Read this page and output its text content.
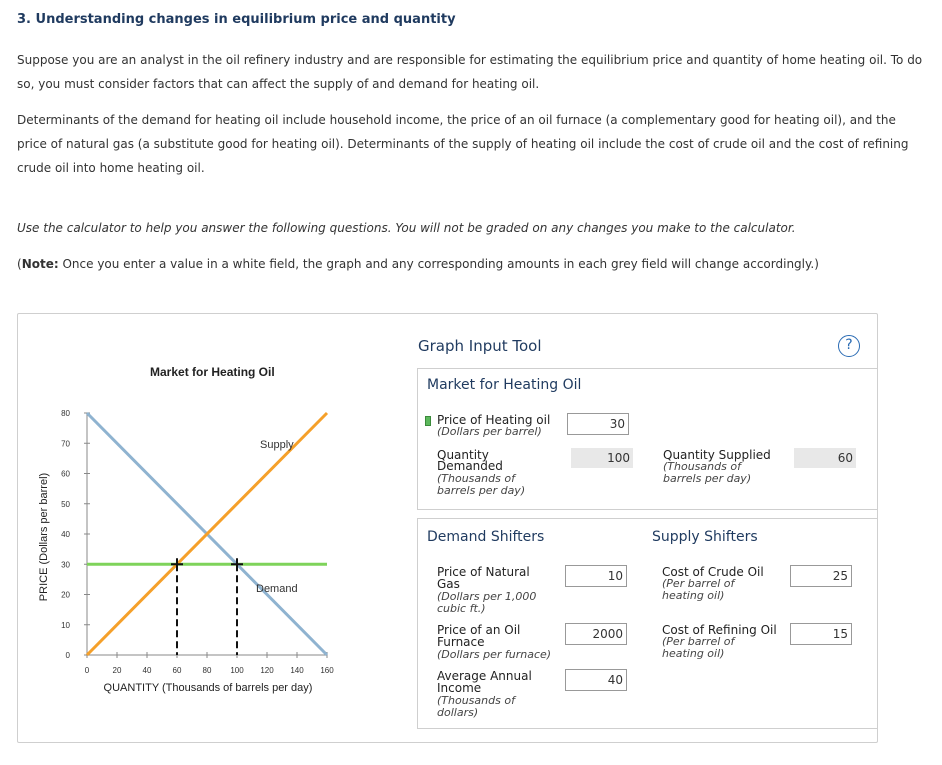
3. Understanding changes in equilibrium price and quantity
Suppose you are an analyst in the oil refinery industry and are responsible for estimating the equilibrium price and quantity of home heating oil. To do
so, you must consider factors that can affect the supply of and demand for heating oil.
Determinants of the demand for heating oil include household income, the price of an oil furnace (a complementary good for heating oil), and the
price of natural gas (a substitute good for heating oil). Determinants of the supply of heating oil include the cost of crude oil and the cost of refining
crude oil into home heating oil.
Use the calculator to help you answer the following questions. You will not be graded on any changes you make to the calculator.
(Note: Once you enter a value in a white field, the graph and any corresponding amounts in each grey field will change accordingly.)
Market for Heating Oil
PRICE (Dollars per barrel)
QUANTITY (Thousands of barrels per day)
0
10
20
30
40
50
60
70
80
0	20	40	60	80 100 120 140 160
Supply
Demand
Graph Input Tool	?
Market for Heating Oil
Price of Heating oil
(Dollars per barrel)
30
Quantity
Demanded
(Thousands of
barrels per day)
100	Quantity Supplied
(Thousands of
barrels per day)
60
Demand Shifters	Supply Shifters
Price of Natural
Gas
(Dollars per 1,000
cubic ft.)
10
Price of an Oil
Furnace
(Dollars per furnace)
2000
Average Annual
Income
(Thousands of
dollars)
40
Cost of Crude Oil
(Per barrel of
heating oil)
25
Cost of Refining Oil
(Per barrel of
heating oil)
15
